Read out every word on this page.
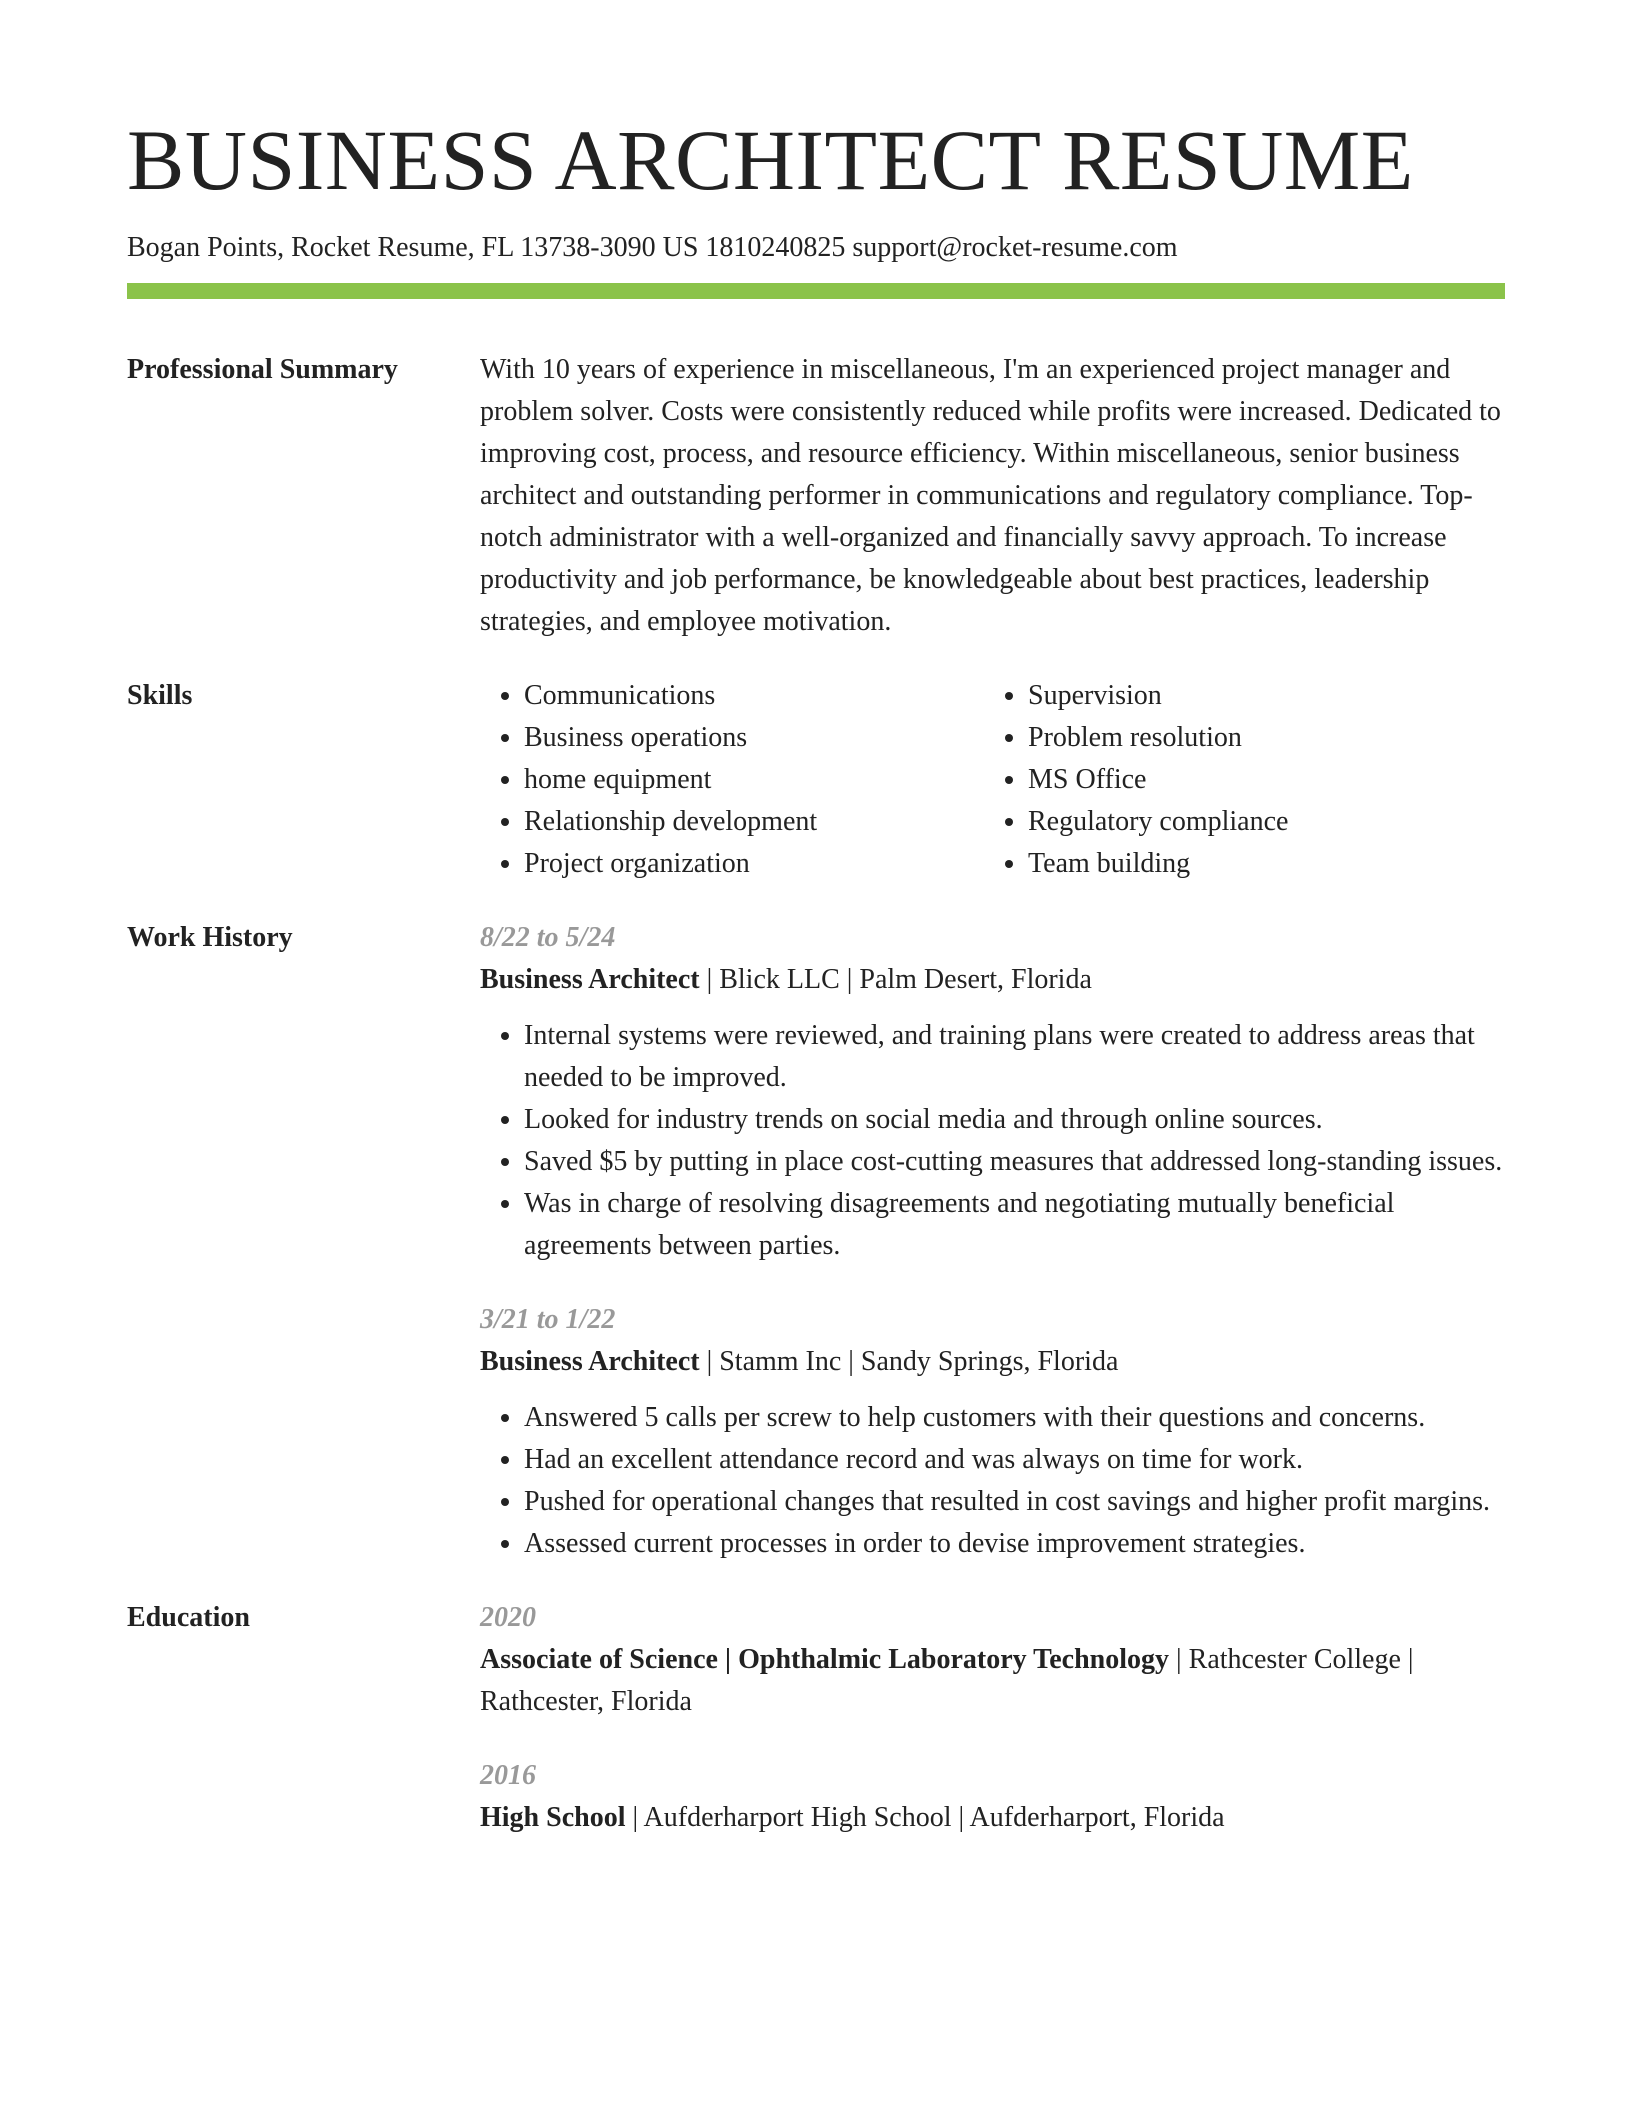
BUSINESS ARCHITECT RESUME
Bogan Points, Rocket Resume, FL 13738-3090 US 1810240825 support@rocket-resume.com
Professional Summary	With 10 years of experience in miscellaneous, I'm an experienced project manager and problem solver. Costs were consistently reduced while profits were increased. Dedicated to improving cost, process, and resource efficiency. Within miscellaneous, senior business architect and outstanding performer in communications and regulatory compliance. Top-notch administrator with a well-organized and financially savvy approach. To increase productivity and job performance, be knowledgeable about best practices, leadership strategies, and employee motivation.

Skills
•	Communications
• Business operations
• home equipment
• Relationship development
• Project organization
• Supervision
• Problem resolution
• MS Office
• Regulatory compliance
• Team building
Work History	8/22 to 5/24
Business Architect | Blick LLC | Palm Desert, Florida
• Internal systems were reviewed, and training plans were created to address areas that needed to be improved.
• Looked for industry trends on social media and through online sources.
• Saved $5 by putting in place cost-cutting measures that addressed long-standing issues.
• Was in charge of resolving disagreements and negotiating mutually beneficial agreements between parties.
3/21 to 1/22
Business Architect | Stamm Inc | Sandy Springs, Florida
• Answered 5 calls per screw to help customers with their questions and concerns.
• Had an excellent attendance record and was always on time for work.
• Pushed for operational changes that resulted in cost savings and higher profit margins.
• Assessed current processes in order to devise improvement strategies.
Education	2020
Associate of Science | Ophthalmic Laboratory Technology | Rathcester College | Rathcester, Florida
2016
High School | Aufderharport High School | Aufderharport, Florida
